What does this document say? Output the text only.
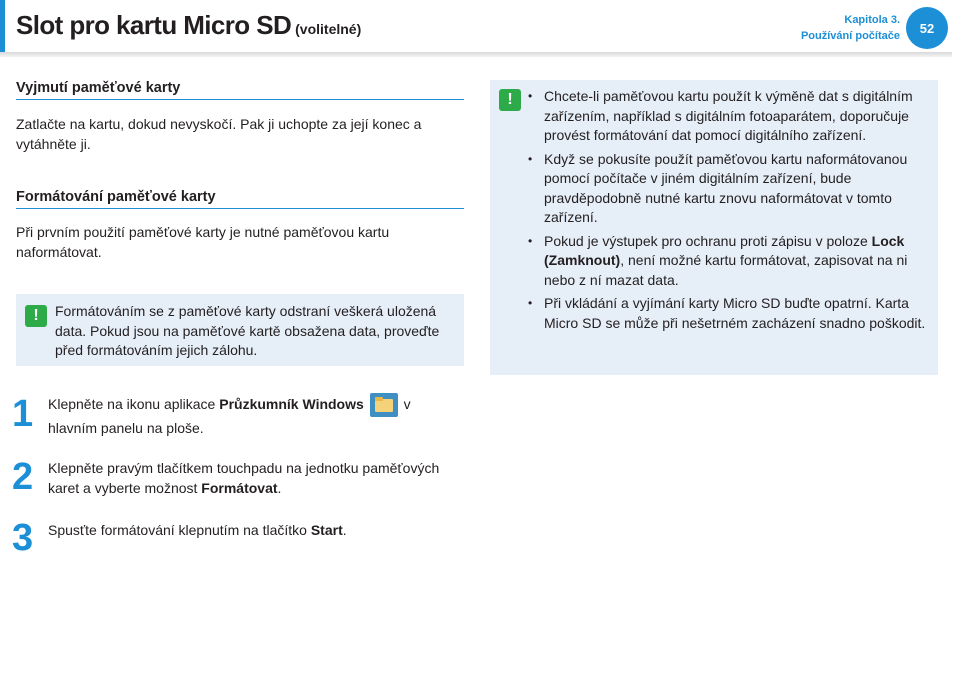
Slot pro kartu Micro SD (volitelné)
Kapitola 3.
Používání počítače
52
Vyjmutí paměťové karty

Zatlačte na kartu, dokud nevyskočí. Pak ji uchopte za její konec a vytáhněte ji.

Formátování paměťové karty

Při prvním použití paměťové karty je nutné paměťovou kartu naformátovat.

!	Formátováním se z paměťové karty odstraní veškerá uložená data. Pokud jsou na paměťové kartě obsažena data, proveďte před formátováním jejich zálohu.

1 Klepněte na ikonu aplikace Průzkumník Windows	v hlavním panelu na ploše.

2 Klepněte pravým tlačítkem touchpadu na jednotku paměťových karet a vyberte možnost Formátovat.

3 Spusťte formátování klepnutím na tlačítko Start.

!
•	Chcete-li paměťovou kartu použít k výměně dat s digitálním zařízením, například s digitálním fotoaparátem, doporučuje provést formátování dat pomocí digitálního zařízení.
• Když se pokusíte použít paměťovou kartu naformátovanou pomocí počítače v jiném digitálním zařízení, bude pravděpodobně nutné kartu znovu naformátovat v tomto zařízení.
• Pokud je výstupek pro ochranu proti zápisu v poloze Lock (Zamknout), není možné kartu formátovat, zapisovat na ni nebo z ní mazat data.
• Při vkládání a vyjímání karty Micro SD buďte opatrní. Karta Micro SD se může při nešetrném zacházení snadno poškodit.
